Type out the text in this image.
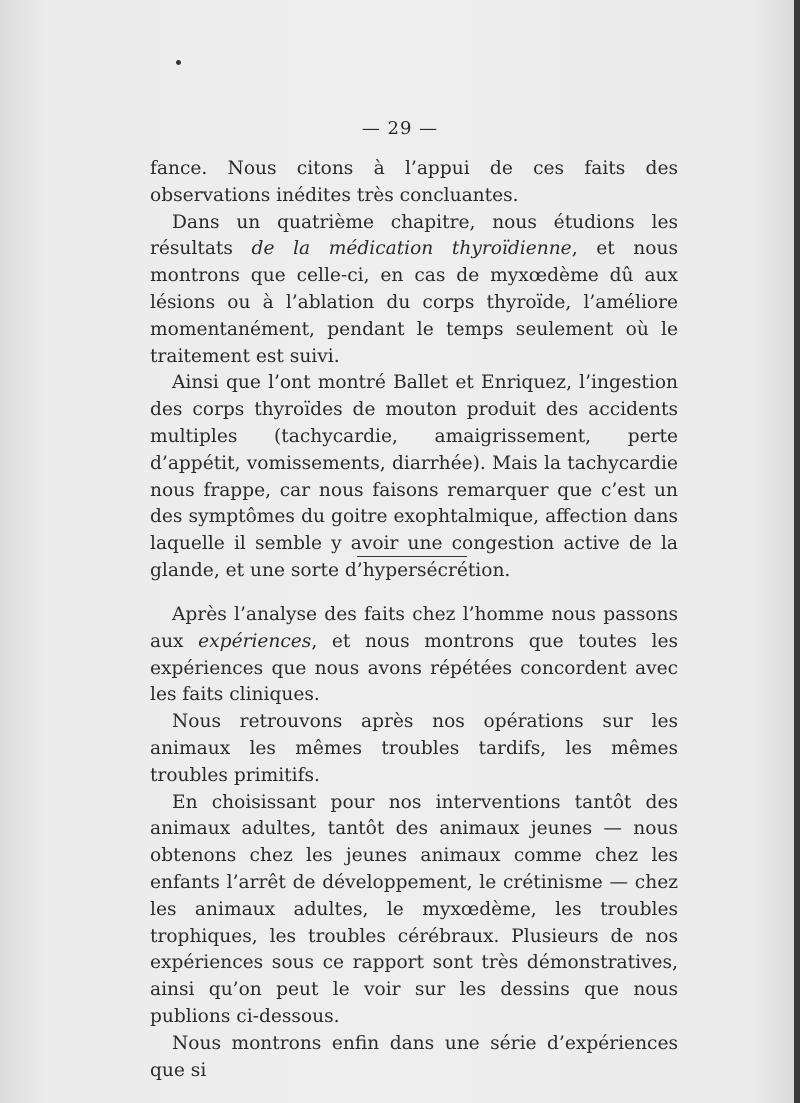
— 29 —

fance. Nous citons à l’appui de ces faits des observations inédites très concluantes.

Dans un quatrième chapitre, nous étudions les résultats de la médication thyroïdienne, et nous montrons que celle-ci, en cas de myxœdème dû aux lésions ou à l’ablation du corps thyroïde, l’améliore momentanément, pendant le temps seulement où le traitement est suivi.

Ainsi que l’ont montré Ballet et Enriquez, l’ingestion des corps thyroïdes de mouton produit des accidents multiples (tachycardie, amaigrissement, perte d’appétit, vomissements, diarrhée). Mais la tachycardie nous frappe, car nous faisons remarquer que c’est un des symptômes du goitre exophtalmique, affection dans laquelle il semble y avoir une congestion active de la glande, et une sorte d’hypersécrétion.

Après l’analyse des faits chez l’homme nous passons aux expériences, et nous montrons que toutes les expériences que nous avons répétées concordent avec les faits cliniques.

Nous retrouvons après nos opérations sur les animaux les mêmes troubles tardifs, les mêmes troubles primitifs.

En choisissant pour nos interventions tantôt des animaux adultes, tantôt des animaux jeunes — nous obtenons chez les jeunes animaux comme chez les enfants l’arrêt de développement, le crétinisme — chez les animaux adultes, le myxœdème, les troubles trophiques, les troubles cérébraux. Plusieurs de nos expériences sous ce rapport sont très démonstratives, ainsi qu’on peut le voir sur les dessins que nous publions ci-dessous.

Nous montrons enfin dans une série d’expériences que si
